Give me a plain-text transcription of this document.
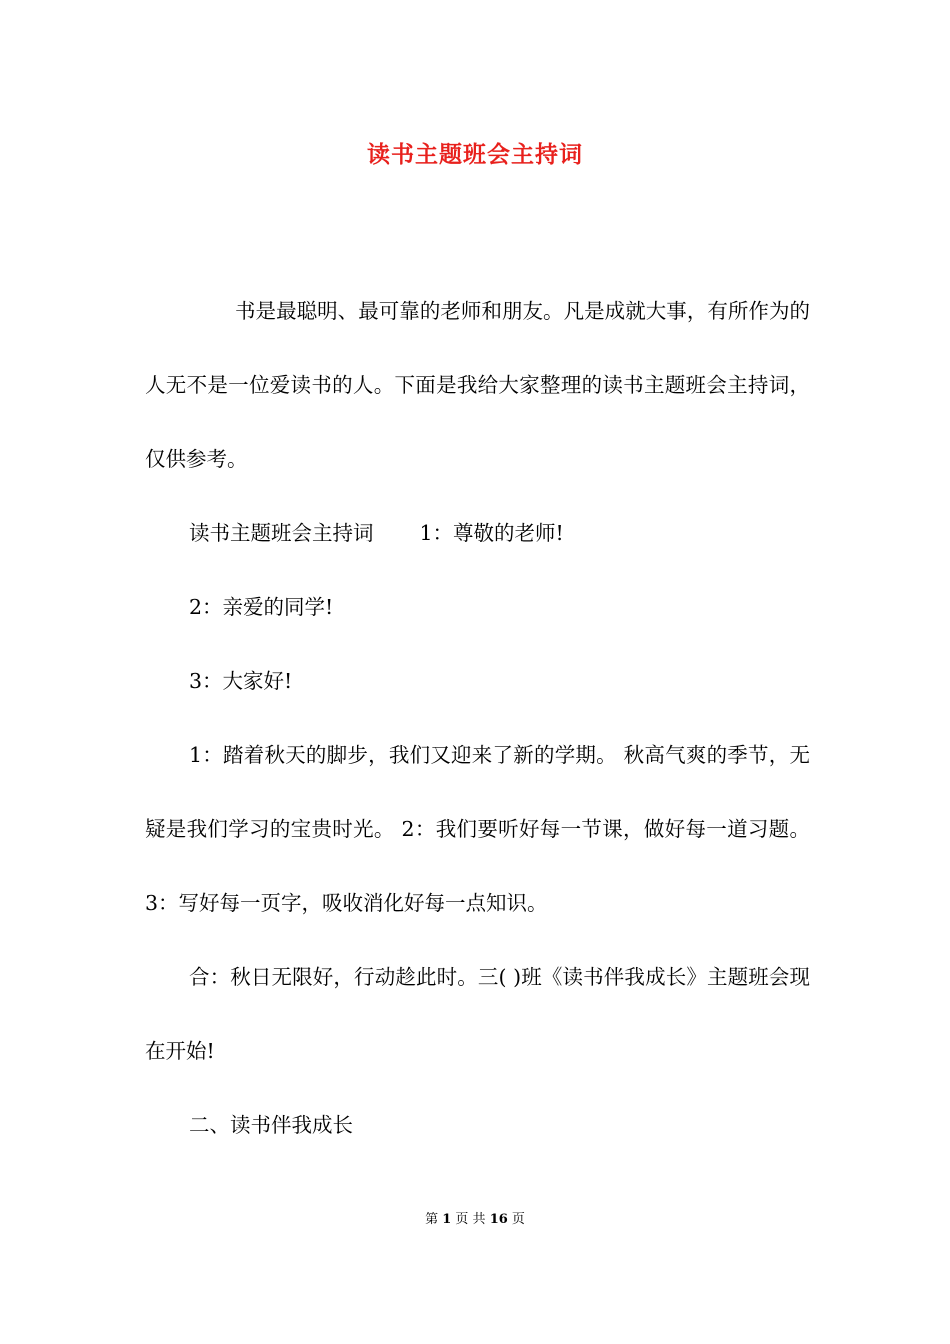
读书主题班会主持词

书是最聪明、最可靠的老师和朋友。凡是成就大事，有所作为的人无不是一位爱读书的人。下面是我给大家整理的读书主题班会主持词，仅供参考。

读书主题班会主持词 1：尊敬的老师!

2：亲爱的同学!

3：大家好!

1：踏着秋天的脚步，我们又迎来了新的学期。 秋高气爽的季节，无疑是我们学习的宝贵时光。 2：我们要听好每一节课，做好每一道习题。 3：写好每一页字，吸收消化好每一点知识。

合：秋日无限好，行动趁此时。三( )班《读书伴我成长》主题班会现在开始!

二、读书伴我成长

第 1 页 共 16 页
